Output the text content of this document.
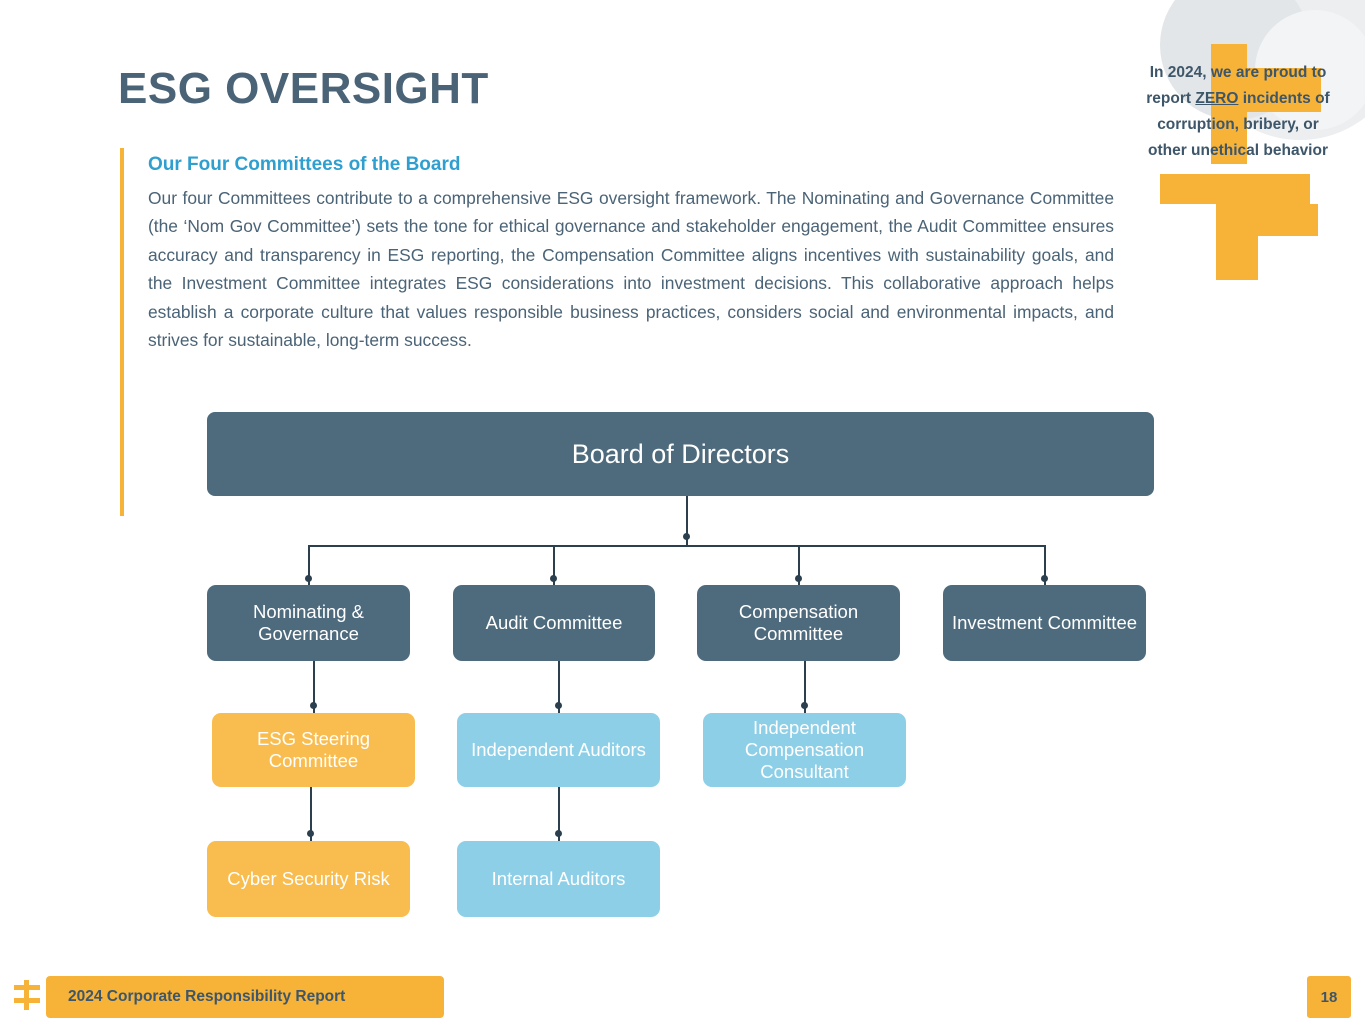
In 2024, we are proud to report ZERO incidents of corruption, bribery, or other unethical behavior
ESG OVERSIGHT
Our Four Committees of the Board
Our four Committees contribute to a comprehensive ESG oversight framework. The Nominating and Governance Committee (the ‘Nom Gov Committee’) sets the tone for ethical governance and stakeholder engagement, the Audit Committee ensures accuracy and transparency in ESG reporting, the Compensation Committee aligns incentives with sustainability goals, and the Investment Committee integrates ESG considerations into investment decisions. This collaborative approach helps establish a corporate culture that values responsible business practices, considers social and environmental impacts, and strives for sustainable, long-term success.
Board of Directors
Nominating & Governance
Audit Committee
Compensation Committee
Investment Committee
ESG Steering Committee
Independent Auditors
Independent Compensation Consultant
Cyber Security Risk	Internal Auditors
2024 Corporate Responsibility Report	18
